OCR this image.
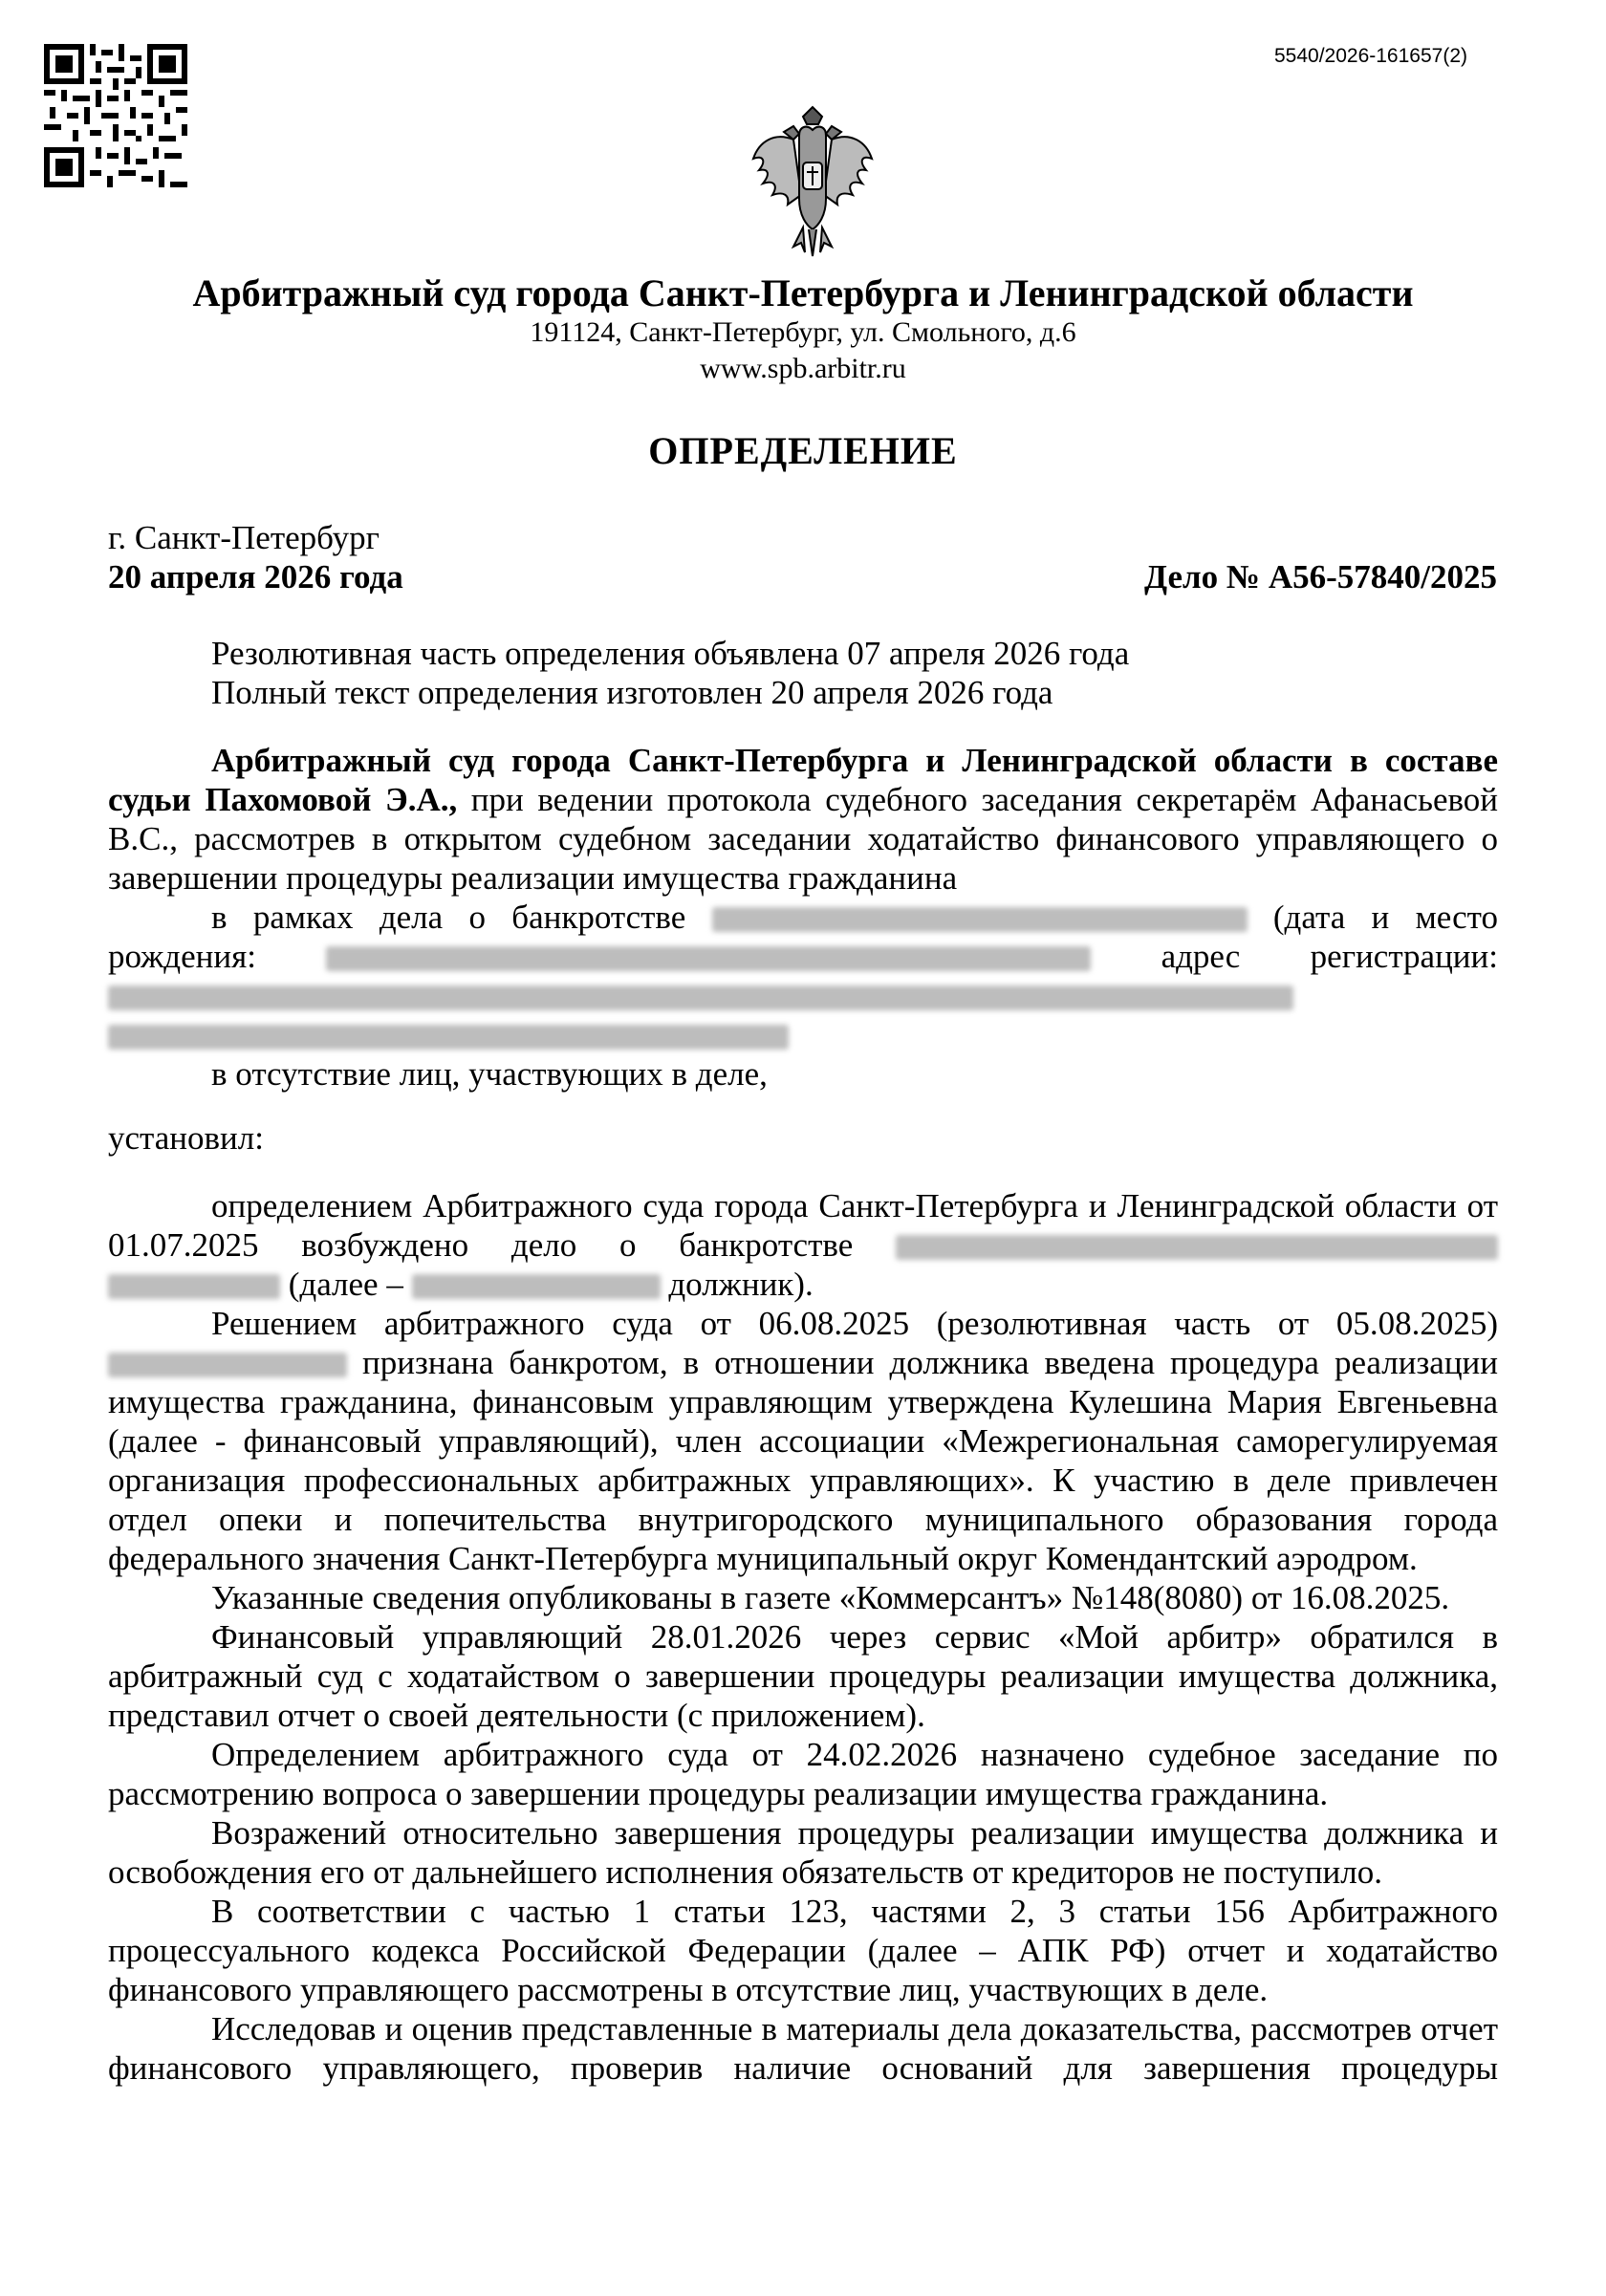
5540/2026-161657(2)
Арбитражный суд города Санкт-Петербурга и Ленинградской области
191124, Санкт-Петербург, ул. Смольного, д.6
www.spb.arbitr.ru
ОПРЕДЕЛЕНИЕ
г. Санкт-Петербург
20 апреля 2026 года	Дело № А56-57840/2025
Резолютивная часть определения объявлена 07 апреля 2026 года
Полный текст определения изготовлен 20 апреля 2026 года

Арбитражный суд города Санкт-Петербурга и Ленинградской области в составе судьи Пахомовой Э.А., при ведении протокола судебного заседания секретарём Афанасьевой В.С., рассмотрев в открытом судебном заседании ходатайство финансового управляющего о завершении процедуры реализации имущества гражданина

в рамках дела о банкротстве	(дата и место рождения:	адрес регистрации:

в отсутствие лиц, участвующих в деле,

установил:

определением Арбитражного суда города Санкт-Петербурга и Ленинградской области от 01.07.2025 возбуждено дело о банкротстве   (далее –	должник).

Решением арбитражного суда от 06.08.2025 (резолютивная часть от 05.08.2025)  признана банкротом, в отношении должника введена процедура реализации имущества гражданина, финансовым управляющим утверждена Кулешина Мария Евгеньевна (далее - финансовый управляющий), член ассоциации «Межрегиональная саморегулируемая организация профессиональных арбитражных управляющих». К участию в деле привлечен отдел опеки и попечительства внутригородского муниципального образования города федерального значения Санкт-Петербурга муниципальный округ Комендантский аэродром.

Указанные сведения опубликованы в газете «Коммерсантъ» №148(8080) от 16.08.2025.

Финансовый управляющий 28.01.2026 через сервис «Мой арбитр» обратился в арбитражный суд с ходатайством о завершении процедуры реализации имущества должника, представил отчет о своей деятельности (с приложением).

Определением арбитражного суда от 24.02.2026 назначено судебное заседание по рассмотрению вопроса о завершении процедуры реализации имущества гражданина.

Возражений относительно завершения процедуры реализации имущества должника и освобождения его от дальнейшего исполнения обязательств от кредиторов не поступило.

В соответствии с частью 1 статьи 123, частями 2, 3 статьи 156 Арбитражного процессуального кодекса Российской Федерации (далее – АПК РФ) отчет и ходатайство финансового управляющего рассмотрены в отсутствие лиц, участвующих в деле.

Исследовав и оценив представленные в материалы дела доказательства, рассмотрев отчет финансового управляющего, проверив наличие оснований для завершения процедуры
